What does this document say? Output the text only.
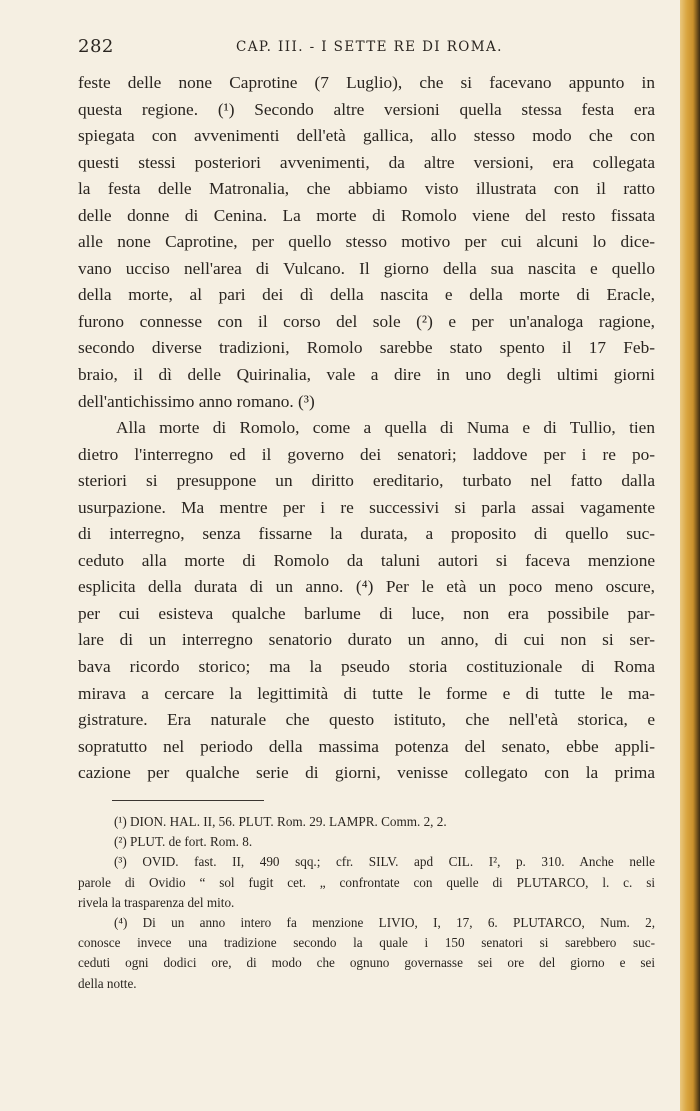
282	CAP. III. - I SETTE RE DI ROMA.
feste delle none Caprotine (7 Luglio), che si facevano appunto in
questa regione. (¹) Secondo altre versioni quella stessa festa era
spiegata con avvenimenti dell'età gallica, allo stesso modo che con
questi stessi posteriori avvenimenti, da altre versioni, era collegata
la festa delle Matronalia, che abbiamo visto illustrata con il ratto
delle donne di Cenina. La morte di Romolo viene del resto fissata
alle none Caprotine, per quello stesso motivo per cui alcuni lo dice-
vano ucciso nell'area di Vulcano. Il giorno della sua nascita e quello
della morte, al pari dei dì della nascita e della morte di Eracle,
furono connesse con il corso del sole (²) e per un'analoga ragione,
secondo diverse tradizioni, Romolo sarebbe stato spento il 17 Feb-
braio, il dì delle Quirinalia, vale a dire in uno degli ultimi giorni
dell'antichissimo anno romano. (³)
Alla morte di Romolo, come a quella di Numa e di Tullio, tien
dietro l'interregno ed il governo dei senatori; laddove per i re po-
steriori si presuppone un diritto ereditario, turbato nel fatto dalla
usurpazione. Ma mentre per i re successivi si parla assai vagamente
di interregno, senza fissarne la durata, a proposito di quello suc-
ceduto alla morte di Romolo da taluni autori si faceva menzione
esplicita della durata di un anno. (⁴) Per le età un poco meno oscure,
per cui esisteva qualche barlume di luce, non era possibile par-
lare di un interregno senatorio durato un anno, di cui non si ser-
bava ricordo storico; ma la pseudo storia costituzionale di Roma
mirava a cercare la legittimità di tutte le forme e di tutte le ma-
gistrature. Era naturale che questo istituto, che nell'età storica, e
sopratutto nel periodo della massima potenza del senato, ebbe appli-
cazione per qualche serie di giorni, venisse collegato con la prima
(¹) DION. HAL. II, 56. PLUT. Rom. 29. LAMPR. Comm. 2, 2.
(²) PLUT. de fort. Rom. 8.
(³) OVID. fast. II, 490 sqq.; cfr. SILV. apd CIL. I², p. 310. Anche nelle
parole di Ovidio “ sol fugit cet. „ confrontate con quelle di PLUTARCO, l. c. si
rivela la trasparenza del mito.
(⁴) Di un anno intero fa menzione LIVIO, I, 17, 6. PLUTARCO, Num. 2,
conosce invece una tradizione secondo la quale i 150 senatori si sarebbero suc-
ceduti ogni dodici ore, di modo che ognuno governasse sei ore del giorno e sei
della notte.
